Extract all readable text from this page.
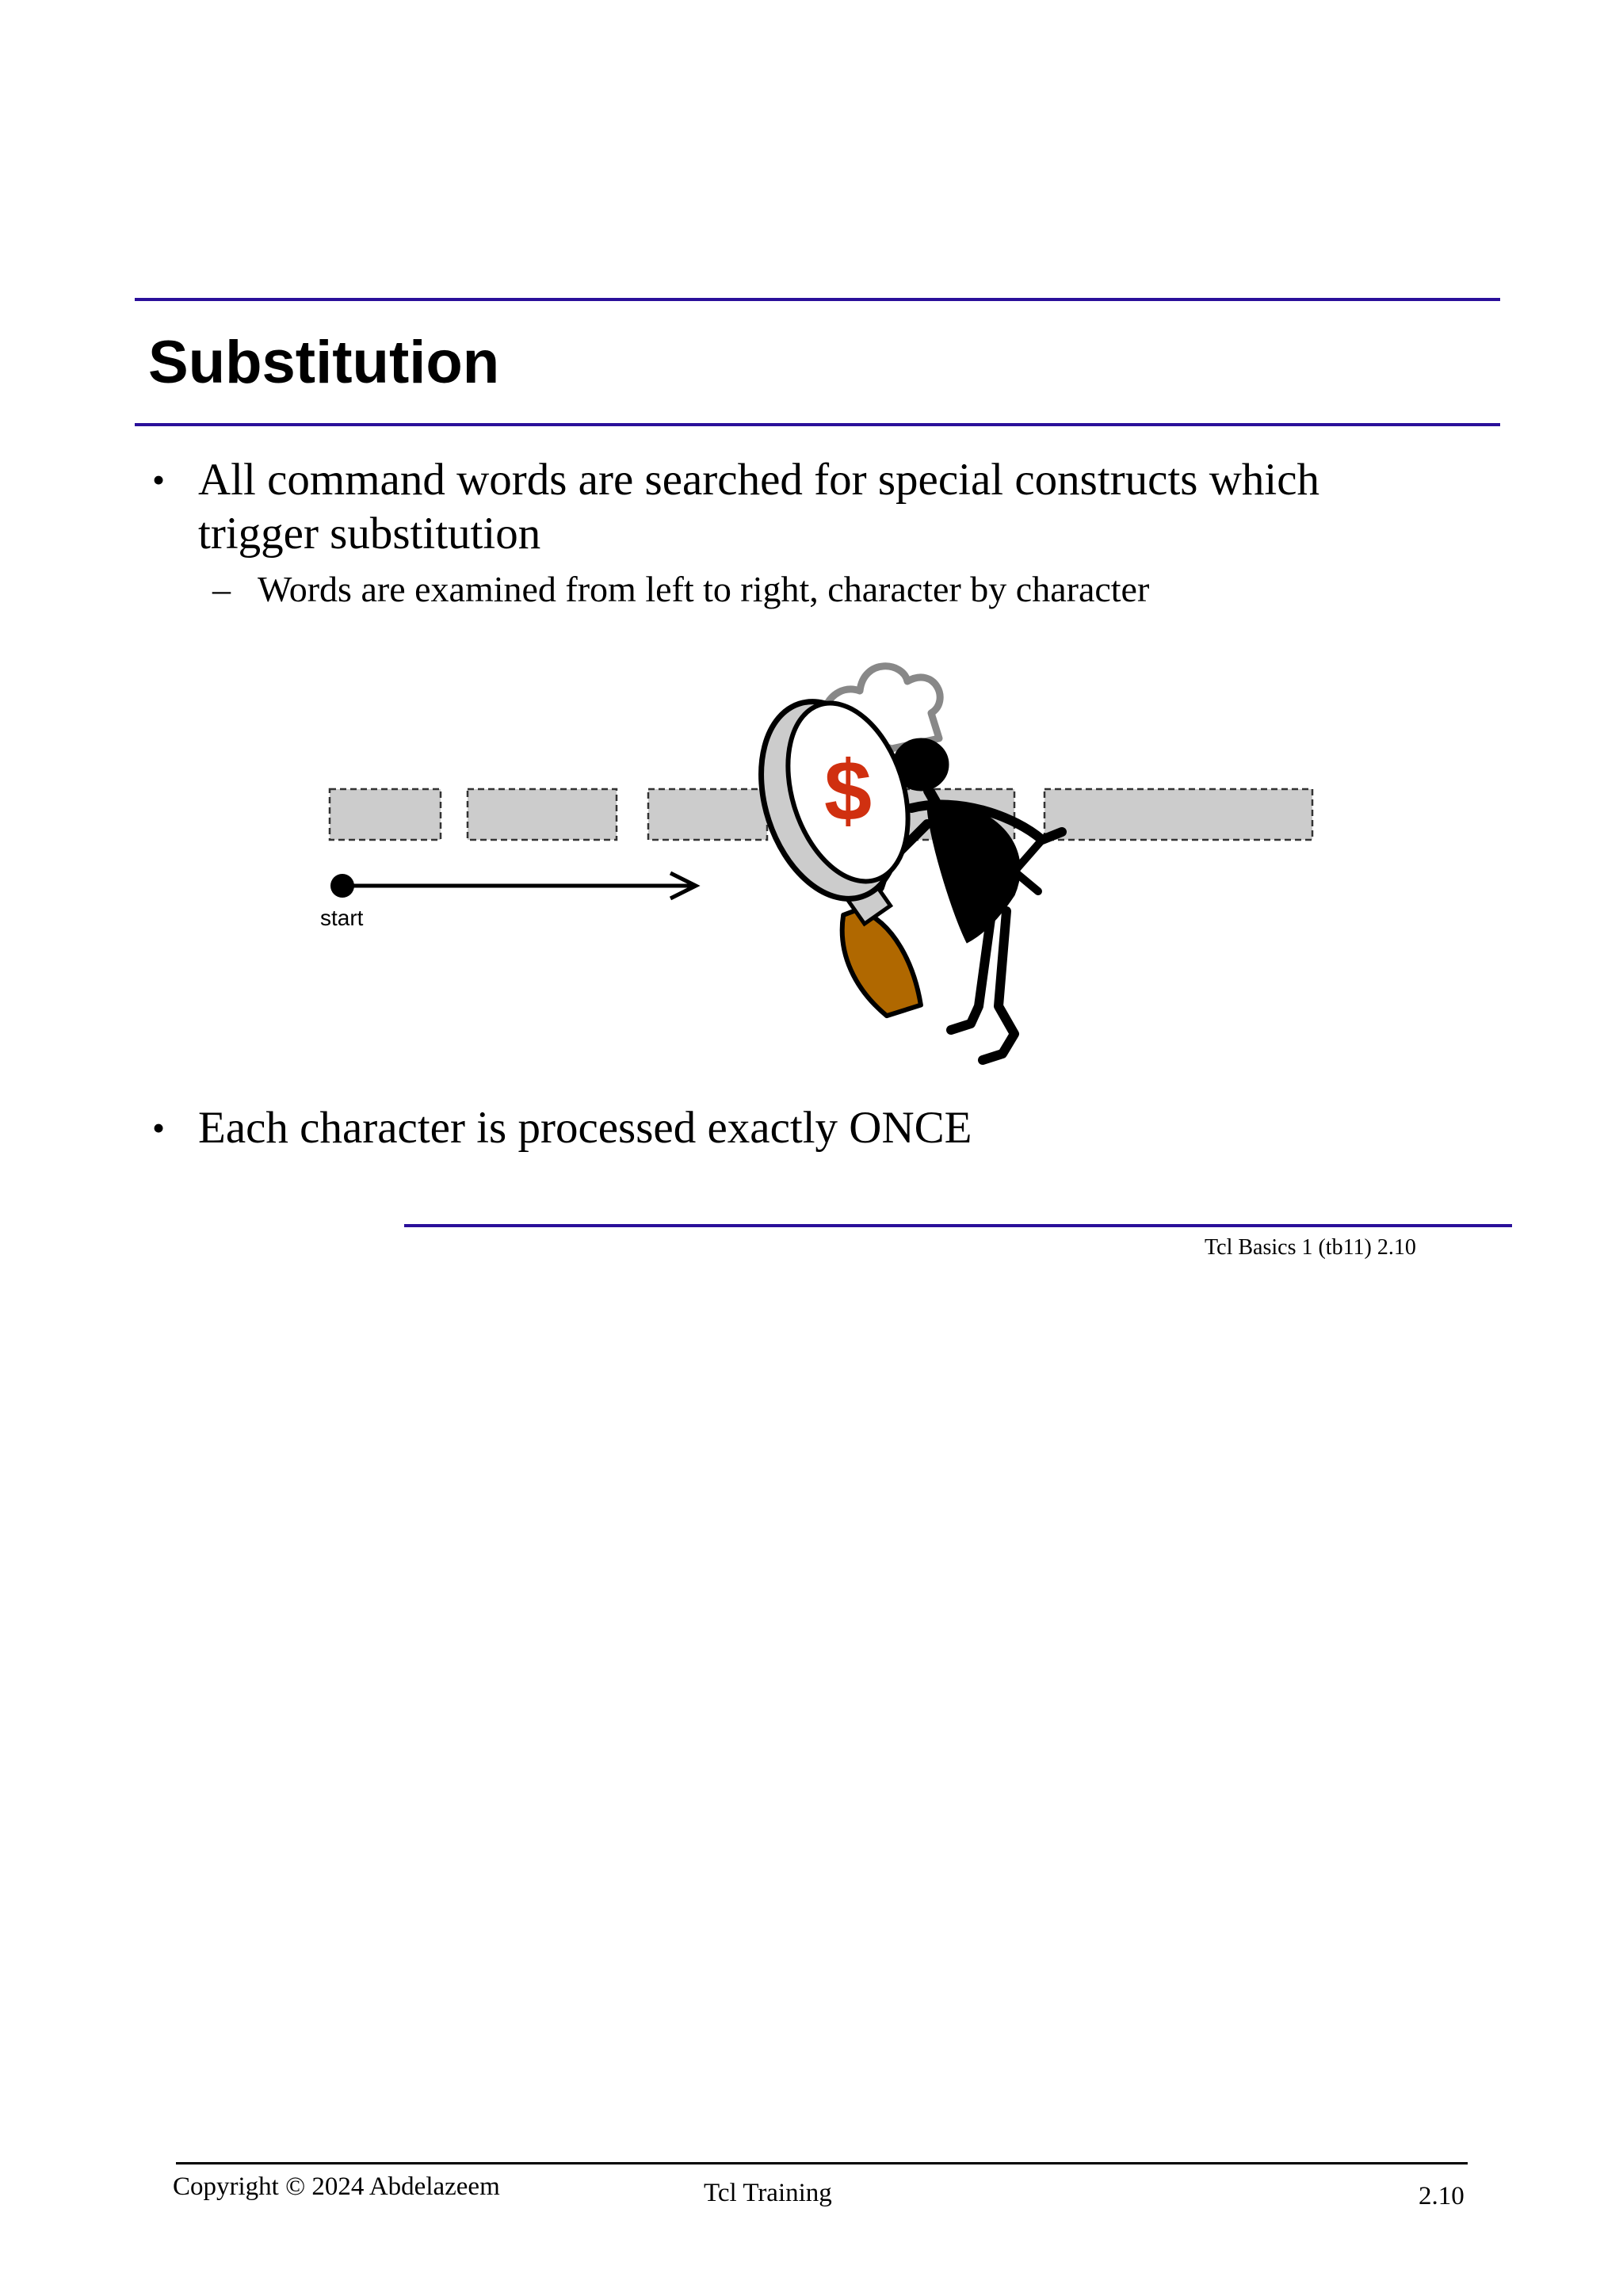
Substitution
• All command words are searched for special constructs which
trigger substitution
– Words are examined from left to right, character by character
start
$
• Each character is processed exactly ONCE
Tcl Basics 1 (tb11) 2.10
Copyright © 2024 Abdelazeem	Tcl Training	2.10
